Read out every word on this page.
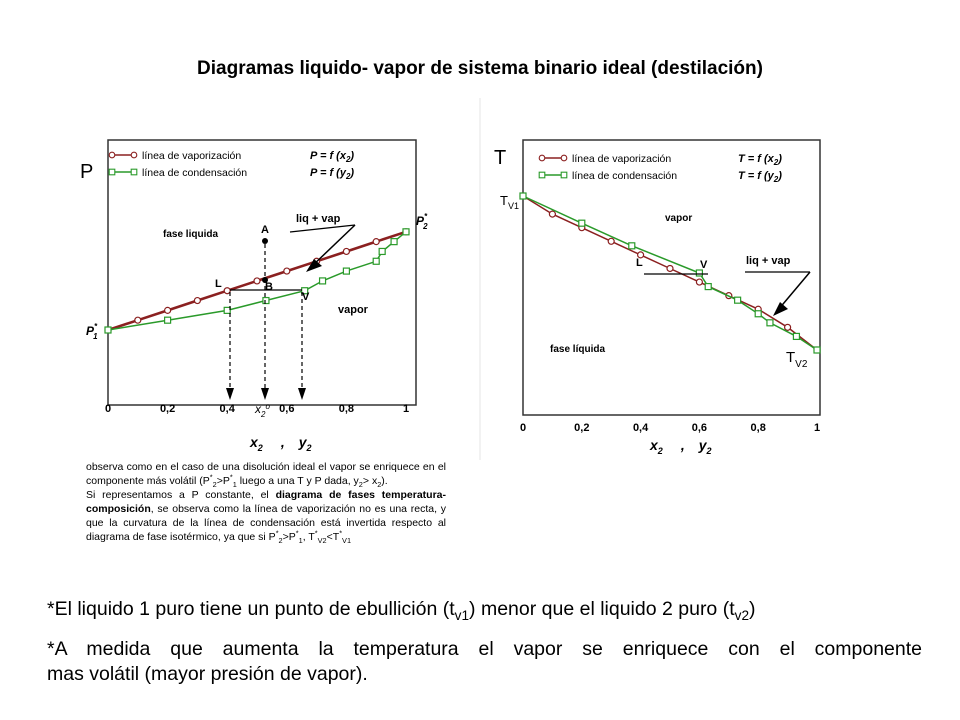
Diagramas liquido- vapor de sistema binario ideal (destilación)
P
línea de vaporización	P = f $(x_2)$
línea de condensación	P = f $(y_2)$
0	0,2	0,4	0,6	0,8	1
A
B
L
V
$x_2^o$
liq + vap
fase liquida
vapor
P* 1
P* 2
$x_2$ , $y_2$
T	línea de vaporización	T = f $(x_2)$
línea de condensación	T = f $(y_2)$
0	0,2	0,4	0,6	0,8	1
L	V	liq + vap
vapor
fase líquida
$T_{V1}$
$T_{V2}$
$x_2$ , $y_2$

observa como en el caso de una disolución ideal el vapor se enriquece en el componente más volátil ($P^*_2>P^*_1$ luego a una T y P dada, $y_2> x_2$).

Si representamos a P constante, el diagrama de fases temperatura-composición, se observa como la línea de vaporización no es una recta, y que la curvatura de la línea de condensación está invertida respecto al diagrama de fase isotérmico, ya que si $P^*_2>P^*_1$, $T^*_{V2}<T^*_{V1}$

*El liquido 1 puro tiene un punto de ebullición $(t_{v1})$ menor que el liquido 2 puro $(t_{v2})$

*A medida que aumenta la temperatura el vapor se enriquece con el componente

mas volátil (mayor presión de vapor).
